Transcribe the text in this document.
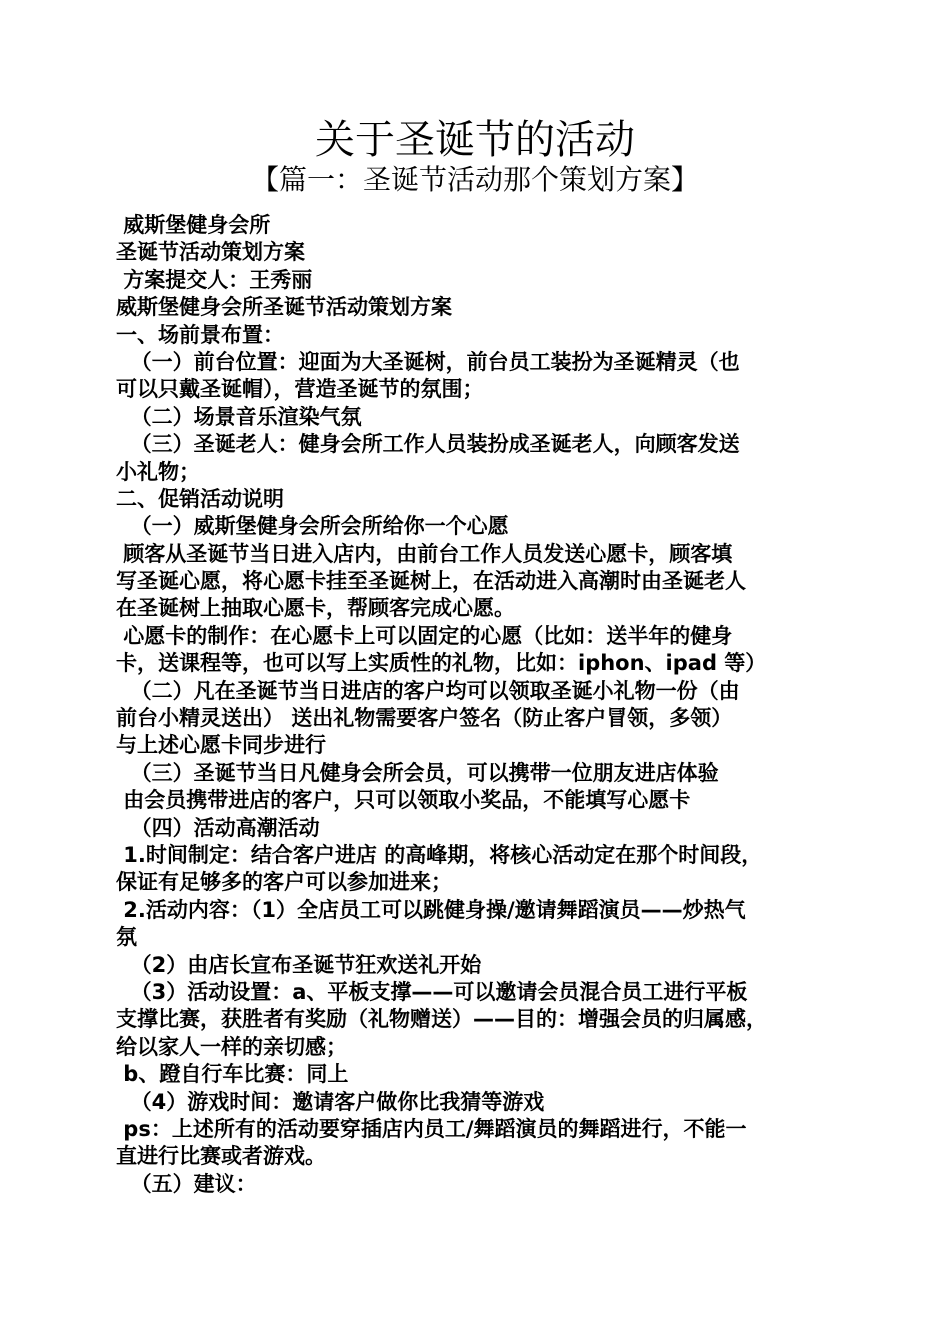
关于圣诞节的活动
【篇一：圣诞节活动那个策划方案】
威斯堡健身会所
圣诞节活动策划方案
方案提交人：王秀丽
威斯堡健身会所圣诞节活动策划方案
一、场前景布置：
（一）前台位置：迎面为大圣诞树，前台员工装扮为圣诞精灵（也
可以只戴圣诞帽），营造圣诞节的氛围；
（二）场景音乐渲染气氛
（三）圣诞老人：健身会所工作人员装扮成圣诞老人，向顾客发送
小礼物；
二、促销活动说明
（一）威斯堡健身会所会所给你一个心愿
顾客从圣诞节当日进入店内，由前台工作人员发送心愿卡，顾客填
写圣诞心愿，将心愿卡挂至圣诞树上，在活动进入高潮时由圣诞老人
在圣诞树上抽取心愿卡，帮顾客完成心愿。
心愿卡的制作：在心愿卡上可以固定的心愿（比如：送半年的健身
卡，送课程等，也可以写上实质性的礼物，比如：iphon、ipad 等）
（二）凡在圣诞节当日进店的客户均可以领取圣诞小礼物一份（由
前台小精灵送出） 送出礼物需要客户签名（防止客户冒领，多领）
与上述心愿卡同步进行
（三）圣诞节当日凡健身会所会员，可以携带一位朋友进店体验
由会员携带进店的客户，只可以领取小奖品，不能填写心愿卡
（四）活动高潮活动
1.时间制定：结合客户进店 的高峰期，将核心活动定在那个时间段，
保证有足够多的客户可以参加进来；
2.活动内容：（1）全店员工可以跳健身操/邀请舞蹈演员——炒热气
氛
（2）由店长宣布圣诞节狂欢送礼开始
（3）活动设置：a、平板支撑——可以邀请会员混合员工进行平板
支撑比赛，获胜者有奖励（礼物赠送）——目的：增强会员的归属感，
给以家人一样的亲切感；
b、蹬自行车比赛：同上
（4）游戏时间：邀请客户做你比我猜等游戏
ps：上述所有的活动要穿插店内员工/舞蹈演员的舞蹈进行，不能一
直进行比赛或者游戏。
（五）建议：
